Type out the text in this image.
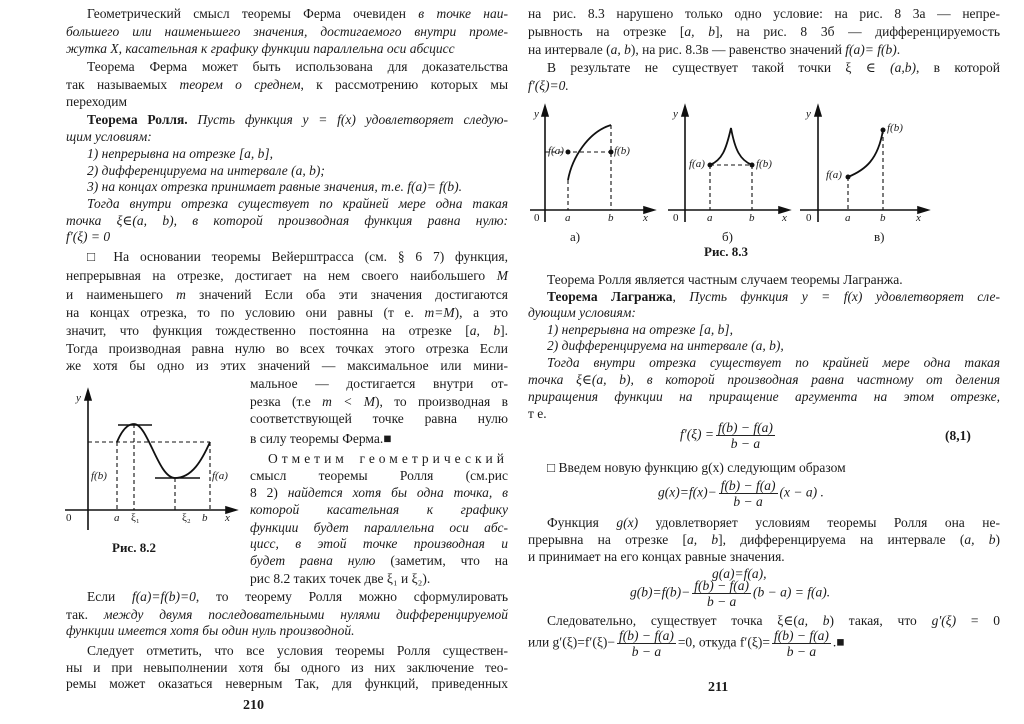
Геометрический смысл теоремы Ферма очевиден в точке наи-
большего или наименьшего значения, достигаемого внутри проме-
жутка X, касательная к графику функции параллельна оси абсцисс
Теорема Ферма может быть использована для доказательства
так называемых теорем о среднем, к рассмотрению которых мы
переходим
Теорема Ролля. Пусть функция y = f(x) удовлетворяет следую-
щим условиям:
1) непрерывна на отрезке [a, b],
2) дифференцируема на интервале (a, b);
3) на концах отрезка принимает равные значения, т.е. f(a)= f(b).
Тогда внутри отрезка существует по крайней мере одна такая
точка ξ∈(a, b), в которой производная функция равна нулю:
f′(ξ) = 0
□ На основании теоремы Вейерштрасса (см. § 6 7) функция,
непрерывная на отрезке, достигает на нем своего наибольшего M
и наименьшего m значений Если оба эти значения достигаются
на концах отрезка, то по условию они равны (т е. m=M), а это
значит, что функция тождественно постоянна на отрезке [a, b].
Тогда производная равна нулю во всех точках этого отрезка Если
же хотя бы одно из этих значений — максимальное или мини-
мальное — достигается внутри от-
резка (т.е m < M), то производная в
соответствующей точке равна нулю
в силу теоремы Ферма.■
Отметим геометрический
смысл теоремы Ролля (см.рис
8 2) найдется хотя бы одна точка, в
которой касательная к графику
функции будет параллельна оси абс-
цисс, в этой точке производная и
будет равна нулю (заметим, что на
рис 8.2 таких точек две ξ₁ и ξ₂).
Если f(a)=f(b)=0, то теорему Ролля можно сформулировать
так. между двумя последовательными нулями дифференцируемой
функции имеется хотя бы один нуль производной.
Следует отметить, что все условия теоремы Ролля существен-
ны и при невыполнении хотя бы одного из них заключение тео-
ремы может оказаться неверным Так, для функций, приведенных
210
y
f(b)	f(a)
0	a ξ₁	ξ₂ b x
Рис. 8.2
на рис. 8.3 нарушено только одно условие: на рис. 8 3а — непре-
рывность на отрезке [a, b], на рис. 8 3б — дифференцируемость
на интервале (a, b), на рис. 8.3в — равенство значений f(a)= f(b).
В результате не существует такой точки ξ ∈ (a,b), в которой
f′(ξ)=0.
y
f(a)	f(b)
0 a	b	x
y
f(a)	f(b)
0	a	b	x
y
f(a)
f(b)
0	a	b	x
а)	б)	в)
Рис. 8.3
Теорема Ролля является частным случаем теоремы Лагранжа.
Теорема Лагранжа, Пусть функция y = f(x) удовлетворяет сле-
дующим условиям:
1) непрерывна на отрезке [a, b],
2) дифференцируема на интервале (a, b),
Тогда внутри отрезка существует по крайней мере одна такая
точка ξ∈(a, b), в которой производная равна частному от деления
приращения функции на приращение аргумента на этом отрезке,
т е.
$f'(\xi) = \frac{f(b) - f(a)}{b - a}$	(8,1)
□ Введем новую функцию g(x) следующим образом
$g(x)=f(x)- \frac{f(b) - f(a)}{b - a} (x - a)$ .
Функция g(x) удовлетворяет условиям теоремы Ролля она не-
прерывна на отрезке [a, b], дифференцируема на интервале (a, b)
и принимает на его концах равные значения.
g(a)=f(a),
$g(b)=f(b)- \frac{f(b) - f(a)}{b - a} (b - a) = f(a)$.
Следовательно, существует точка ξ∈(a, b) такая, что g′(ξ) = 0
или $g'(\xi)=f'(\xi)- \frac{f(b) - f(a)}{b - a} =0$, откуда $f'(\xi)= \frac{f(b) - f(a)}{b - a}$ .■
211
